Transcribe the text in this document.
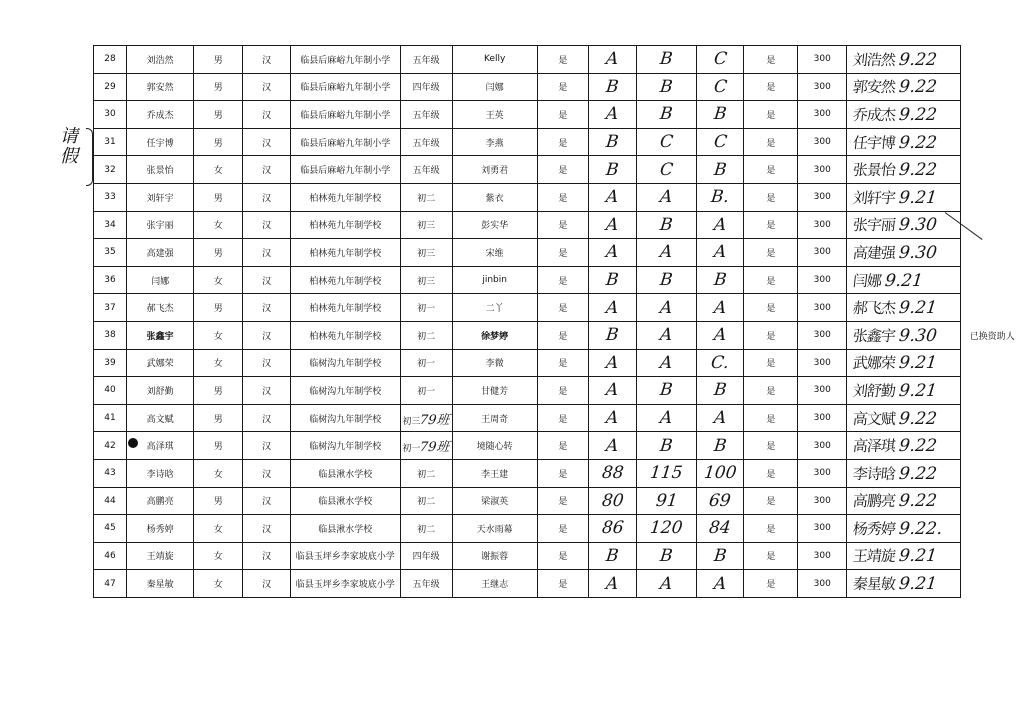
请
假
28	刘浩然	男	汉	临县后麻峪九年制小学	五年级	Kelly	是	A	B	C	是	300	刘浩然 9.22	
29	郭安然	男	汉	临县后麻峪九年制小学	四年级	闫娜	是	B	B	C	是	300	郭安然 9.22	
30	乔成杰	男	汉	临县后麻峪九年制小学	五年级	王英	是	A	B	B	是	300	乔成杰 9.22	
31	任宇博	男	汉	临县后麻峪九年制小学	五年级	李燕	是	B	C	C	是	300	任宇博 9.22	
32	张景怡	女	汉	临县后麻峪九年制小学	五年级	刘勇君	是	B	C	B	是	300	张景怡 9.22	
33	刘轩宇	男	汉	柏林苑九年制学校	初二	紫衣	是	A	A	B.	是	300	刘轩宇 9.21	
34	张宇丽	女	汉	柏林苑九年制学校	初三	彭实华	是	A	B	A	是	300	张宇丽 9.30	
35	高建强	男	汉	柏林苑九年制学校	初三	宋维	是	A	A	A	是	300	高建强 9.30	
36	闫娜	女	汉	柏林苑九年制学校	初三	jinbin	是	B	B	B	是	300	闫娜 9.21	
37	郝飞杰	男	汉	柏林苑九年制学校	初一	二丫	是	A	A	A	是	300	郝飞杰 9.21	
38	张鑫宇	女	汉	柏林苑九年制学校	初二	徐梦婷	是	B	A	A	是	300	张鑫宇 9.30	已换资助人
39	武娜荣	女	汉	临树沟九年制学校	初一	李微	是	A	A	C.	是	300	武娜荣 9.21	
40	刘舒勤	男	汉	临树沟九年制学校	初一	甘健芳	是	A	B	B	是	300	刘舒勤 9.21	
41	高文赋	男	汉	临树沟九年制学校	初三79班	王周奇	是	A	A	A	是	300	高文赋 9.22	
42	高泽琪	男	汉	临树沟九年制学校	初一79班	境随心转	是	A	B	B	是	300	高泽琪 9.22	
43	李诗晗	女	汉	临县湫水学校	初二	李王建	是	88	115	100	是	300	李诗晗 9.22	
44	高鹏亮	男	汉	临县湫水学校	初二	梁淑英	是	80	91	69	是	300	高鹏亮 9.22	
45	杨秀婷	女	汉	临县湫水学校	初二	天水雨幕	是	86	120	84	是	300	杨秀婷 9.22.	
46	王靖旋	女	汉	临县玉坪乡李家坡底小学	四年级	谢振蓉	是	B	B	B	是	300	王靖旋 9.21	
47	秦星敏	女	汉	临县玉坪乡李家坡底小学	五年级	王继志	是	A	A	A	是	300	秦星敏 9.21	
